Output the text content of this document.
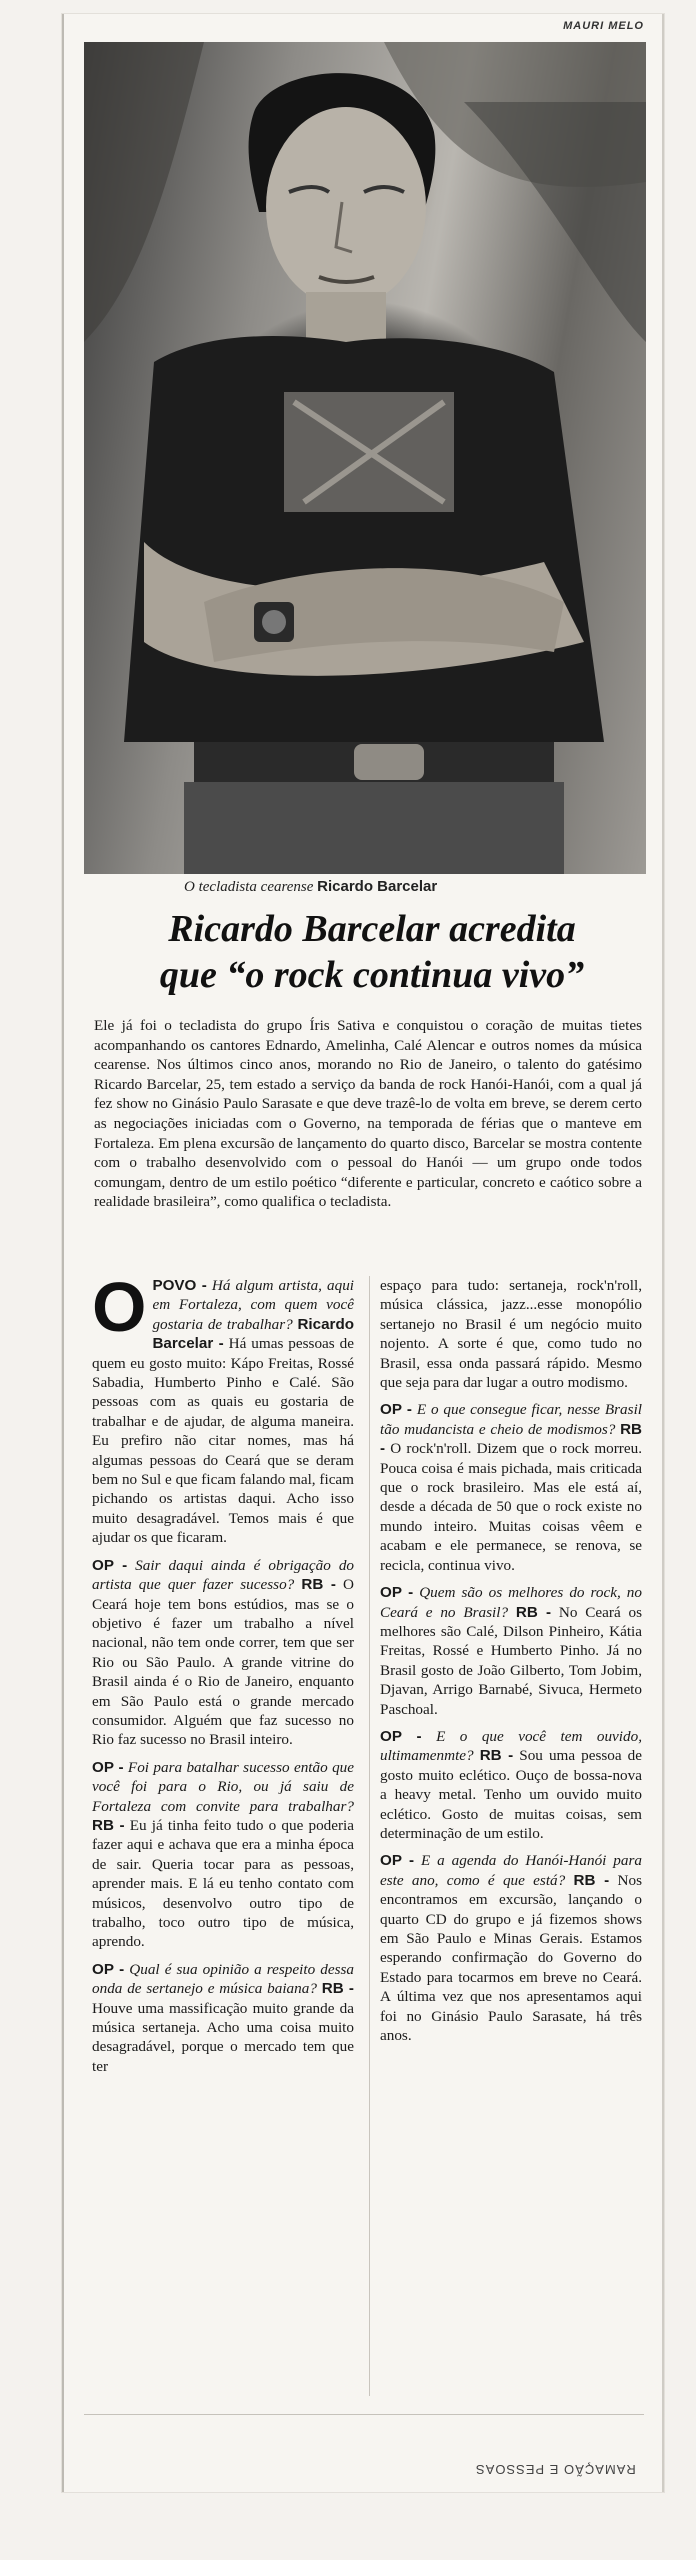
MAURI MELO
O tecladista cearense Ricardo Barcelar
Ricardo Barcelar acredita
que “o rock continua vivo”
Ele já foi o tecladista do grupo Íris Sativa e conquistou o coração de muitas tietes acompanhando os cantores Ednardo, Amelinha, Calé Alencar e outros nomes da música cearense. Nos últimos cinco anos, morando no Rio de Janeiro, o talento do gatésimo Ricardo Barcelar, 25, tem estado a serviço da banda de rock Hanói-Hanói, com a qual já fez show no Ginásio Paulo Sarasate e que deve trazê-lo de volta em breve, se derem certo as negociações iniciadas com o Governo, na temporada de férias que o manteve em Fortaleza. Em plena excursão de lançamento do quarto disco, Barcelar se mostra contente com o trabalho desenvolvido com o pessoal do Hanói — um grupo onde todos comungam, dentro de um estilo poético “diferente e particular, concreto e caótico sobre a realidade brasileira”, como qualifica o tecladista.

O POVO - Há algum artista, aqui em Fortaleza, com quem você gostaria de trabalhar? Ricardo Barcelar - Há umas pessoas de quem eu gosto muito: Kápo Freitas, Rossé Sabadia, Humberto Pinho e Calé. São pessoas com as quais eu gostaria de trabalhar e de ajudar, de alguma maneira. Eu prefiro não citar nomes, mas há algumas pessoas do Ceará que se deram bem no Sul e que ficam falando mal, ficam pichando os artistas daqui. Acho isso muito desagradável. Temos mais é que ajudar os que ficaram.

OP - Sair daqui ainda é obrigação do artista que quer fazer sucesso? RB - O Ceará hoje tem bons estúdios, mas se o objetivo é fazer um trabalho a nível nacional, não tem onde correr, tem que ser Rio ou São Paulo. A grande vitrine do Brasil ainda é o Rio de Janeiro, enquanto em São Paulo está o grande mercado consumidor. Alguém que faz sucesso no Rio faz sucesso no Brasil inteiro.

OP - Foi para batalhar sucesso então que você foi para o Rio, ou já saiu de Fortaleza com convite para trabalhar? RB - Eu já tinha feito tudo o que poderia fazer aqui e achava que era a minha época de sair. Queria tocar para as pessoas, aprender mais. E lá eu tenho contato com músicos, desenvolvo outro tipo de trabalho, toco outro tipo de música, aprendo.

OP - Qual é sua opinião a respeito dessa onda de sertanejo e música baiana? RB - Houve uma massificação muito grande da música sertaneja. Acho uma coisa muito desagradável, porque o mercado tem que ter

espaço para tudo: sertaneja, rock'n'roll, música clássica, jazz...esse monopólio sertanejo no Brasil é um negócio muito nojento. A sorte é que, como tudo no Brasil, essa onda passará rápido. Mesmo que seja para dar lugar a outro modismo.

OP - E o que consegue ficar, nesse Brasil tão mudancista e cheio de modismos? RB - O rock'n'roll. Dizem que o rock morreu. Pouca coisa é mais pichada, mais criticada que o rock brasileiro. Mas ele está aí, desde a década de 50 que o rock existe no mundo inteiro. Muitas coisas vêem e acabam e ele permanece, se renova, se recicla, continua vivo.

OP - Quem são os melhores do rock, no Ceará e no Brasil? RB - No Ceará os melhores são Calé, Dilson Pinheiro, Kátia Freitas, Rossé e Humberto Pinho. Já no Brasil gosto de João Gilberto, Tom Jobim, Djavan, Arrigo Barnabé, Sivuca, Hermeto Paschoal.

OP - E o que você tem ouvido, ultimamenmte? RB - Sou uma pessoa de gosto muito eclético. Ouço de bossa-nova a heavy metal. Tenho um ouvido muito eclético. Gosto de muitas coisas, sem determinação de um estilo.

OP - E a agenda do Hanói-Hanói para este ano, como é que está? RB - Nos encontramos em excursão, lançando o quarto CD do grupo e já fizemos shows em São Paulo e Minas Gerais. Estamos esperando confirmação do Governo do Estado para tocarmos em breve no Ceará. A última vez que nos apresentamos aqui foi no Ginásio Paulo Sarasate, há três anos.

RAMAÇÃO E PESSOAS
